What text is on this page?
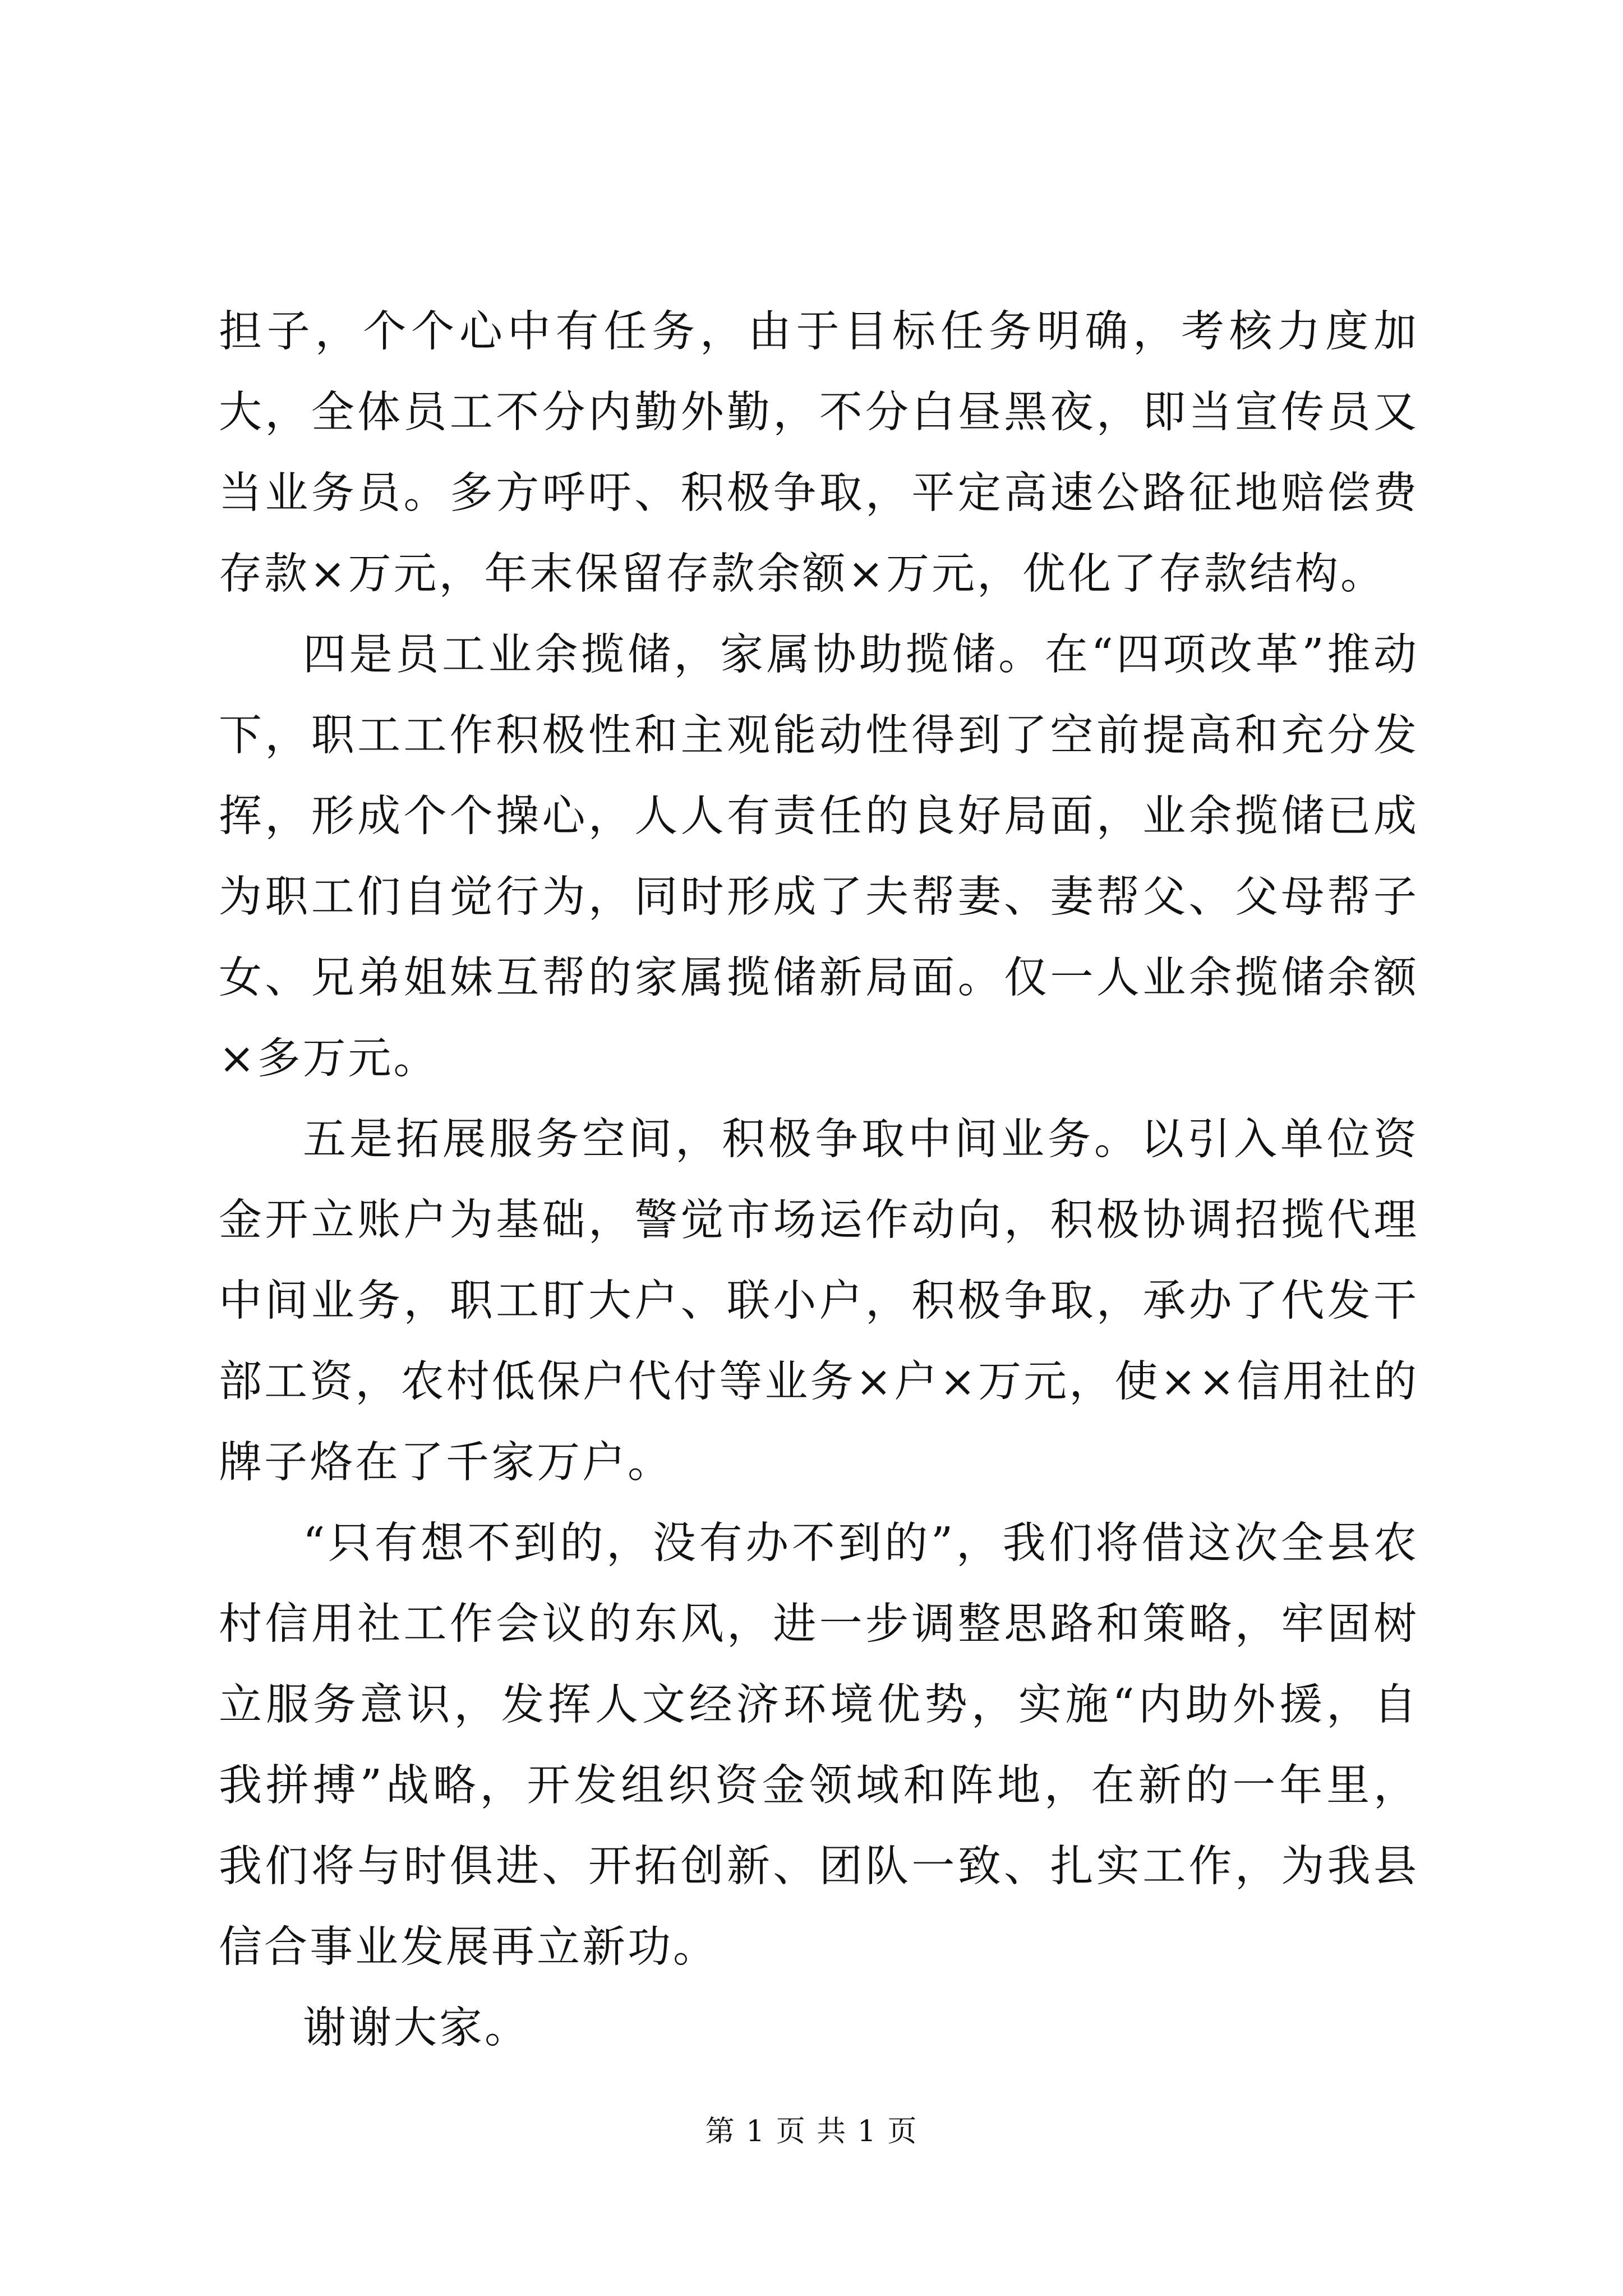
担子，个个心中有任务，由于目标任务明确，考核力度加大，全体员工不分内勤外勤，不分白昼黑夜，即当宣传员又当业务员。多方呼吁、积极争取，平定高速公路征地赔偿费存款×万元，年末保留存款余额×万元，优化了存款结构。

四是员工业余揽储，家属协助揽储。在“四项改革”推动下，职工工作积极性和主观能动性得到了空前提高和充分发挥，形成个个操心，人人有责任的良好局面，业余揽储已成为职工们自觉行为，同时形成了夫帮妻、妻帮父、父母帮子女、兄弟姐妹互帮的家属揽储新局面。仅一人业余揽储余额×多万元。

五是拓展服务空间，积极争取中间业务。以引入单位资金开立账户为基础，警觉市场运作动向，积极协调招揽代理中间业务，职工盯大户、联小户，积极争取，承办了代发干部工资，农村低保户代付等业务×户×万元，使××信用社的牌子烙在了千家万户。

“只有想不到的，没有办不到的”，我们将借这次全县农村信用社工作会议的东风，进一步调整思路和策略，牢固树立服务意识，发挥人文经济环境优势，实施“内助外援，自我拼搏”战略，开发组织资金领域和阵地，在新的一年里，我们将与时俱进、开拓创新、团队一致、扎实工作，为我县信合事业发展再立新功。

谢谢大家。

第 1 页 共 1 页
